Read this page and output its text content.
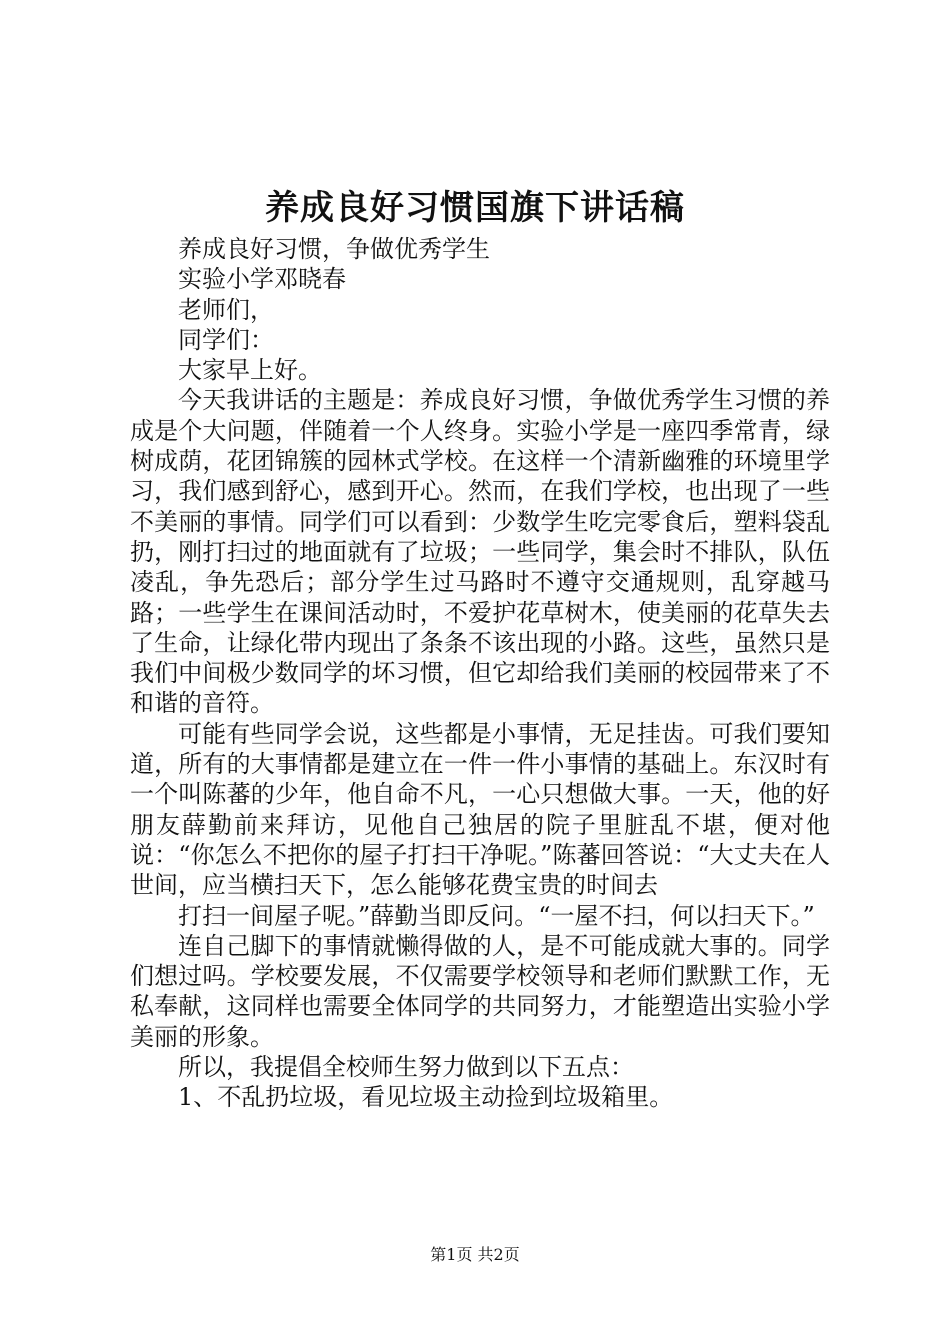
养成良好习惯国旗下讲话稿

养成良好习惯，争做优秀学生

实验小学邓晓春

老师们，

同学们：

大家早上好。

今天我讲话的主题是：养成良好习惯，争做优秀学生习惯的养成是个大问题，伴随着一个人终身。实验小学是一座四季常青，绿树成荫，花团锦簇的园林式学校。在这样一个清新幽雅的环境里学习，我们感到舒心，感到开心。然而，在我们学校，也出现了一些不美丽的事情。同学们可以看到：少数学生吃完零食后，塑料袋乱扔，刚打扫过的地面就有了垃圾；一些同学，集会时不排队，队伍凌乱，争先恐后；部分学生过马路时不遵守交通规则，乱穿越马路；一些学生在课间活动时，不爱护花草树木，使美丽的花草失去了生命，让绿化带内现出了条条不该出现的小路。这些，虽然只是我们中间极少数同学的坏习惯，但它却给我们美丽的校园带来了不和谐的音符。

可能有些同学会说，这些都是小事情，无足挂齿。可我们要知道，所有的大事情都是建立在一件一件小事情的基础上。东汉时有一个叫陈蕃的少年，他自命不凡，一心只想做大事。一天，他的好朋友薛勤前来拜访，见他自己独居的院子里脏乱不堪，便对他说：“你怎么不把你的屋子打扫干净呢。”陈蕃回答说：“大丈夫在人世间，应当横扫天下，怎么能够花费宝贵的时间去

打扫一间屋子呢。”薛勤当即反问。“一屋不扫，何以扫天下。”

连自己脚下的事情就懒得做的人，是不可能成就大事的。同学们想过吗。学校要发展，不仅需要学校领导和老师们默默工作，无私奉献，这同样也需要全体同学的共同努力，才能塑造出实验小学美丽的形象。

所以，我提倡全校师生努力做到以下五点：

1、不乱扔垃圾，看见垃圾主动捡到垃圾箱里。

第1页 共2页
